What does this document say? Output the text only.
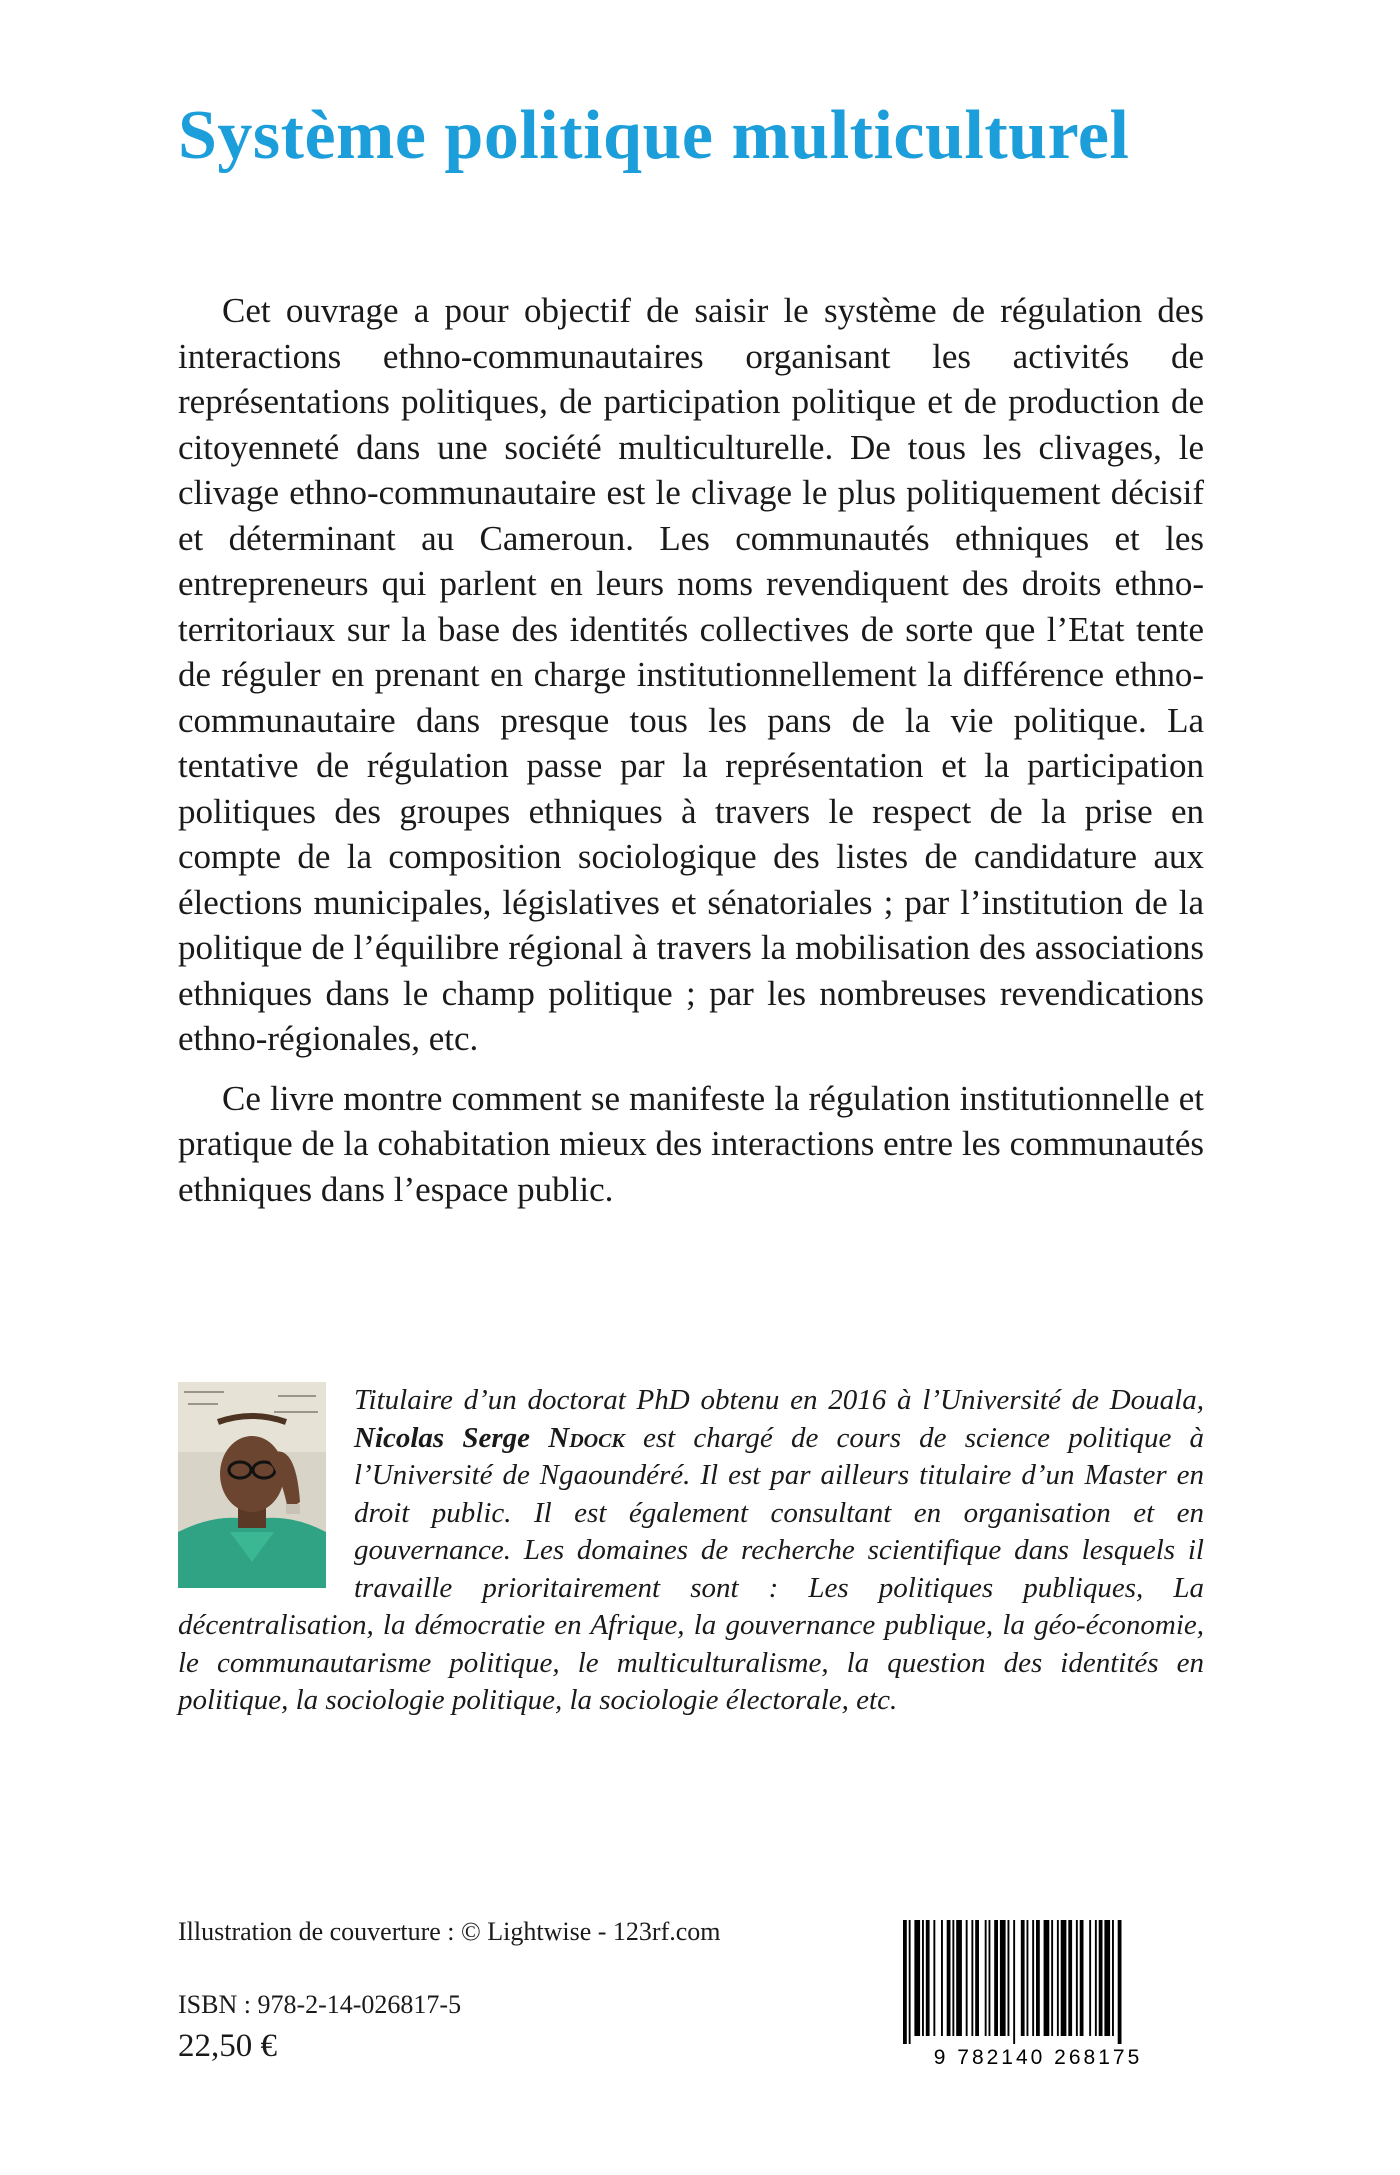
Système politique multiculturel

Cet ouvrage a pour objectif de saisir le système de régulation des interactions ethno-communautaires organisant les activités de représentations politiques, de participation politique et de production de citoyenneté dans une société multiculturelle. De tous les clivages, le clivage ethno-communautaire est le clivage le plus politiquement décisif et déterminant au Cameroun. Les communautés ethniques et les entrepreneurs qui parlent en leurs noms revendiquent des droits ethno-territoriaux sur la base des identités collectives de sorte que l’Etat tente de réguler en prenant en charge institutionnellement la différence ethno-communautaire dans presque tous les pans de la vie politique. La tentative de régulation passe par la représentation et la participation politiques des groupes ethniques à travers le respect de la prise en compte de la composition sociologique des listes de candidature aux élections municipales, législatives et sénatoriales ; par l’institution de la politique de l’équilibre régional à travers la mobilisation des associations ethniques dans le champ politique ; par les nombreuses revendications ethno-régionales, etc.

Ce livre montre comment se manifeste la régulation institutionnelle et pratique de la cohabitation mieux des interactions entre les communautés ethniques dans l’espace public.

Titulaire d’un doctorat PhD obtenu en 2016 à l’Université de Douala, Nicolas Serge Ndock est chargé de cours de science politique à l’Université de Ngaoundéré. Il est par ailleurs titulaire d’un Master en droit public. Il est également consultant en organisation et en gouvernance. Les domaines de recherche scientifique dans lesquels il travaille prioritairement sont : Les politiques publiques, La décentralisation, la démocratie en Afrique, la gouvernance publique, la géo-économie, le communautarisme politique, le multiculturalisme, la question des identités en politique, la sociologie politique, la sociologie électorale, etc.
Illustration de couverture : © Lightwise - 123rf.com
ISBN : 978-2-14-026817-5
22,50 €	9 782140 268175
